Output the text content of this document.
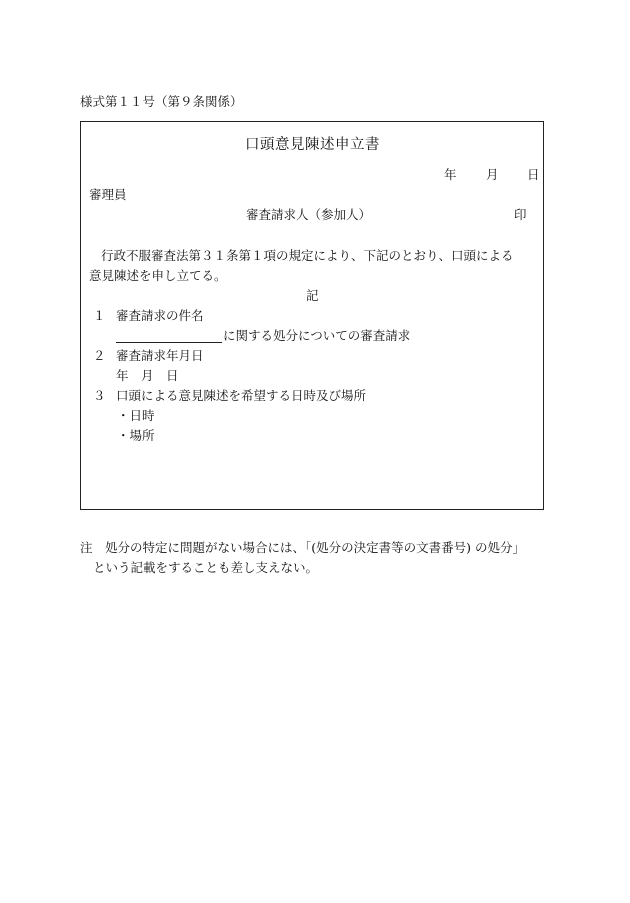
様式第１１号（第９条関係）
口頭意見陳述申立書
年 月 日
審理員
審査請求人（参加人）	印
行政不服審査法第３１条第１項の規定により、下記のとおり、口頭による
意見陳述を申し立てる。
記
１ 審査請求の件名
に関する処分についての審査請求
２ 審査請求年月日
年　月　日
３ 口頭による意見陳述を希望する日時及び場所
・日時
・場所
注　処分の特定に問題がない場合には、「(処分の決定書等の文書番号) の処分」
という記載をすることも差し支えない。
